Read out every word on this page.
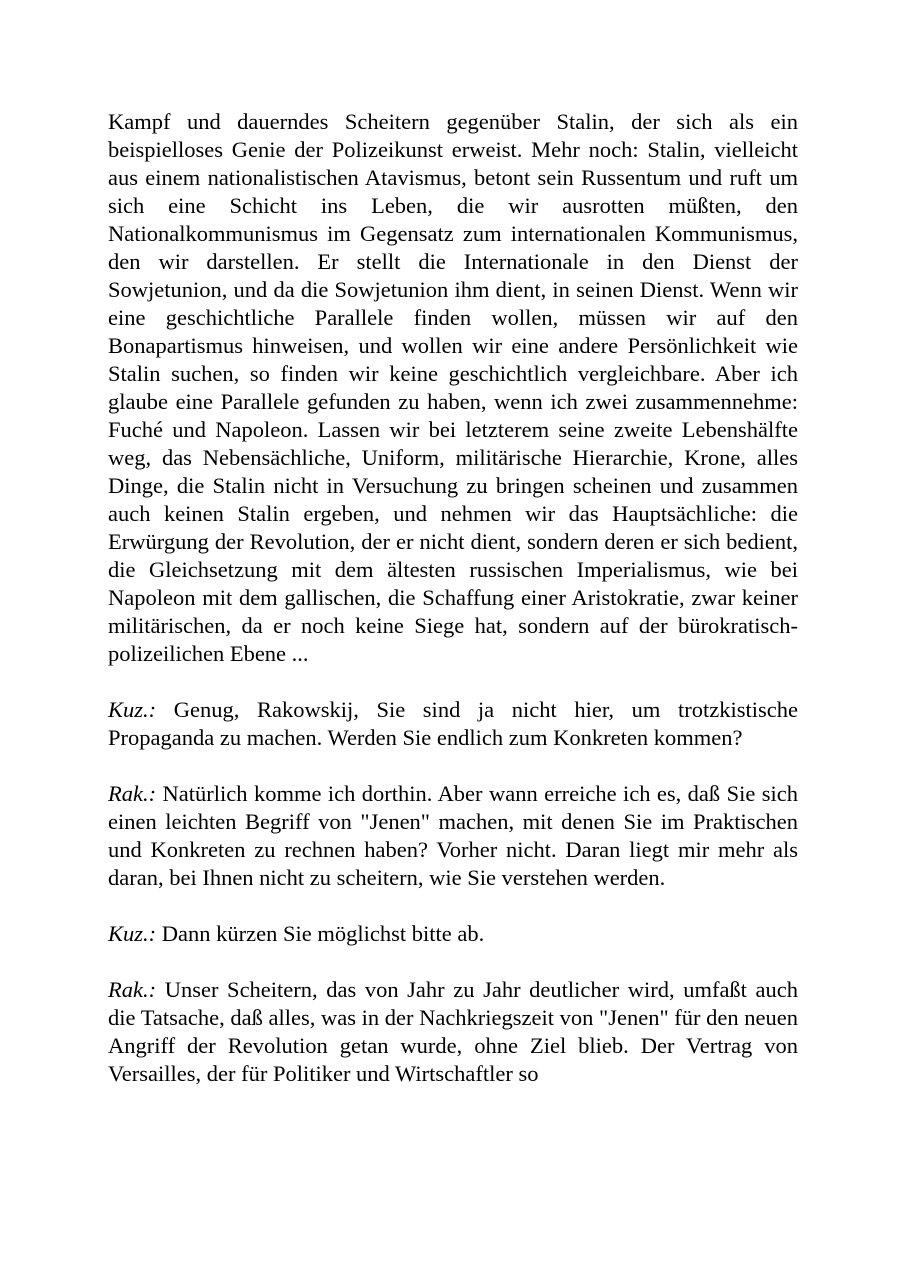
Kampf und dauerndes Scheitern gegenüber Stalin, der sich als ein beispielloses Genie der Polizeikunst erweist. Mehr noch: Stalin, vielleicht aus einem nationalistischen Atavismus, betont sein Russentum und ruft um sich eine Schicht ins Leben, die wir ausrotten müßten, den Nationalkommunismus im Gegensatz zum internationalen Kommunismus, den wir darstellen. Er stellt die Internationale in den Dienst der Sowjetunion, und da die Sowjetunion ihm dient, in seinen Dienst. Wenn wir eine geschichtliche Parallele finden wollen, müssen wir auf den Bonapartismus hinweisen, und wollen wir eine andere Persönlichkeit wie Stalin suchen, so finden wir keine geschichtlich vergleichbare. Aber ich glaube eine Parallele gefunden zu haben, wenn ich zwei zusammennehme: Fuché und Napoleon. Lassen wir bei letzterem seine zweite Lebenshälfte weg, das Nebensächliche, Uniform, militärische Hierarchie, Krone, alles Dinge, die Stalin nicht in Versuchung zu bringen scheinen und zusammen auch keinen Stalin ergeben, und nehmen wir das Hauptsächliche: die Erwürgung der Revolution, der er nicht dient, sondern deren er sich bedient, die Gleichsetzung mit dem ältesten russischen Imperialismus, wie bei Napoleon mit dem gallischen, die Schaffung einer Aristokratie, zwar keiner militärischen, da er noch keine Siege hat, sondern auf der bürokratisch-polizeilichen Ebene ...

Kuz.: Genug, Rakowskij, Sie sind ja nicht hier, um trotzkistische Propaganda zu machen. Werden Sie endlich zum Konkreten kommen?

Rak.: Natürlich komme ich dorthin. Aber wann erreiche ich es, daß Sie sich einen leichten Begriff von "Jenen" machen, mit denen Sie im Praktischen und Konkreten zu rechnen haben? Vorher nicht. Daran liegt mir mehr als daran, bei Ihnen nicht zu scheitern, wie Sie verstehen werden.

Kuz.: Dann kürzen Sie möglichst bitte ab.

Rak.: Unser Scheitern, das von Jahr zu Jahr deutlicher wird, umfaßt auch die Tatsache, daß alles, was in der Nachkriegszeit von "Jenen" für den neuen Angriff der Revolution getan wurde, ohne Ziel blieb. Der Vertrag von Versailles, der für Politiker und Wirtschaftler so
